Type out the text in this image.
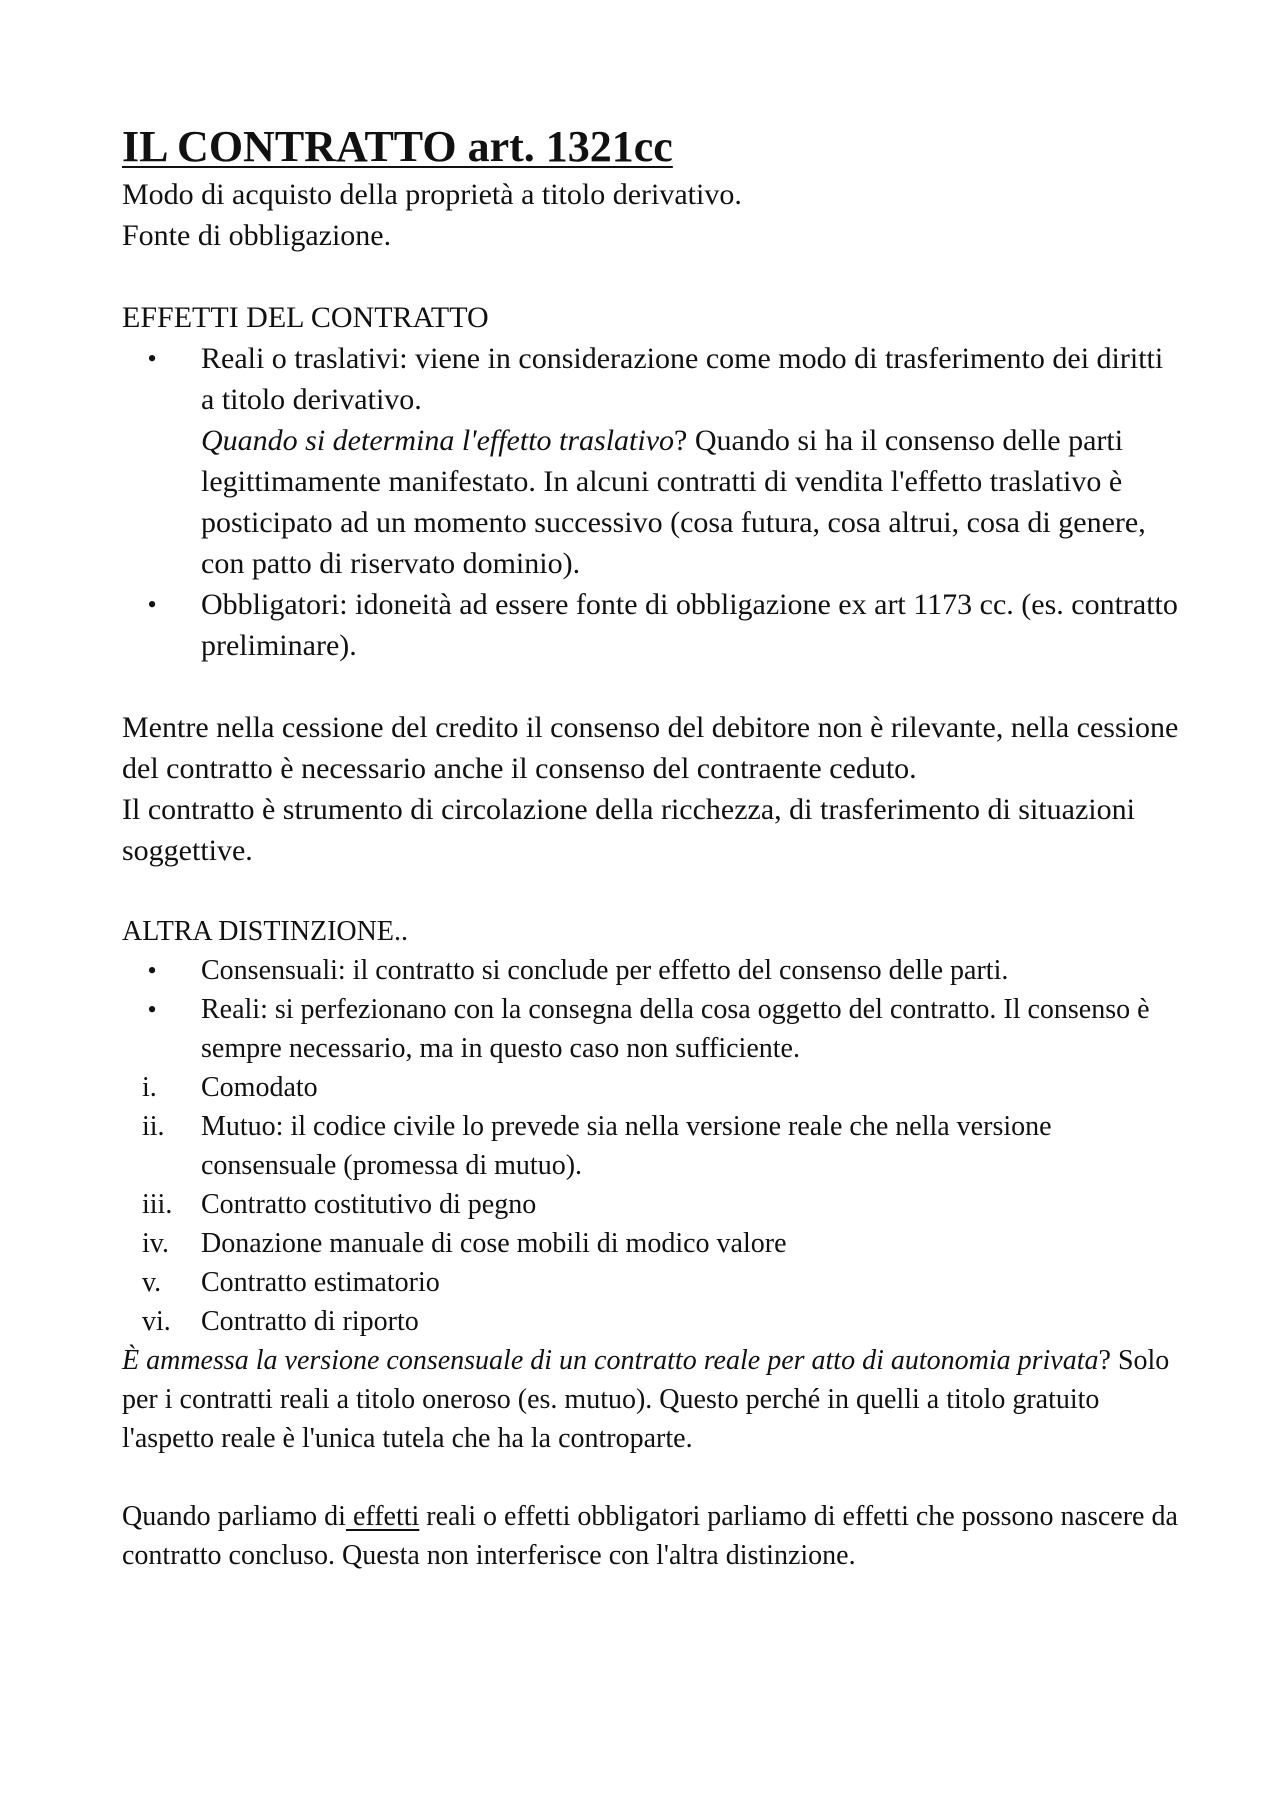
IL CONTRATTO art. 1321cc

Modo di acquisto della proprietà a titolo derivativo.

Fonte di obbligazione.

EFFETTI DEL CONTRATTO

•	Reali o traslativi: viene in considerazione come modo di trasferimento dei diritti a titolo derivativo.
Quando si determina l'effetto traslativo? Quando si ha il consenso delle parti legittimamente manifestato. In alcuni contratti di vendita l'effetto traslativo è posticipato ad un momento successivo (cosa futura, cosa altrui, cosa di genere, con patto di riservato dominio).
•	Obbligatori: idoneità ad essere fonte di obbligazione ex art 1173 cc. (es. contratto preliminare).

Mentre nella cessione del credito il consenso del debitore non è rilevante, nella cessione del contratto è necessario anche il consenso del contraente ceduto.

Il contratto è strumento di circolazione della ricchezza, di trasferimento di situazioni soggettive.

ALTRA DISTINZIONE..

•	Consensuali: il contratto si conclude per effetto del consenso delle parti.
•	Reali: si perfezionano con la consegna della cosa oggetto del contratto. Il consenso è sempre necessario, ma in questo caso non sufficiente.
i.	Comodato
ii.	Mutuo: il codice civile lo prevede sia nella versione reale che nella versione consensuale (promessa di mutuo).
iii.	Contratto costitutivo di pegno
iv.	Donazione manuale di cose mobili di modico valore
v.	Contratto estimatorio
vi.	Contratto di riporto

È ammessa la versione consensuale di un contratto reale per atto di autonomia privata? Solo per i contratti reali a titolo oneroso (es. mutuo). Questo perché in quelli a titolo gratuito l'aspetto reale è l'unica tutela che ha la controparte.

Quando parliamo di effetti reali o effetti obbligatori parliamo di effetti che possono nascere da contratto concluso. Questa non interferisce con l'altra distinzione.
